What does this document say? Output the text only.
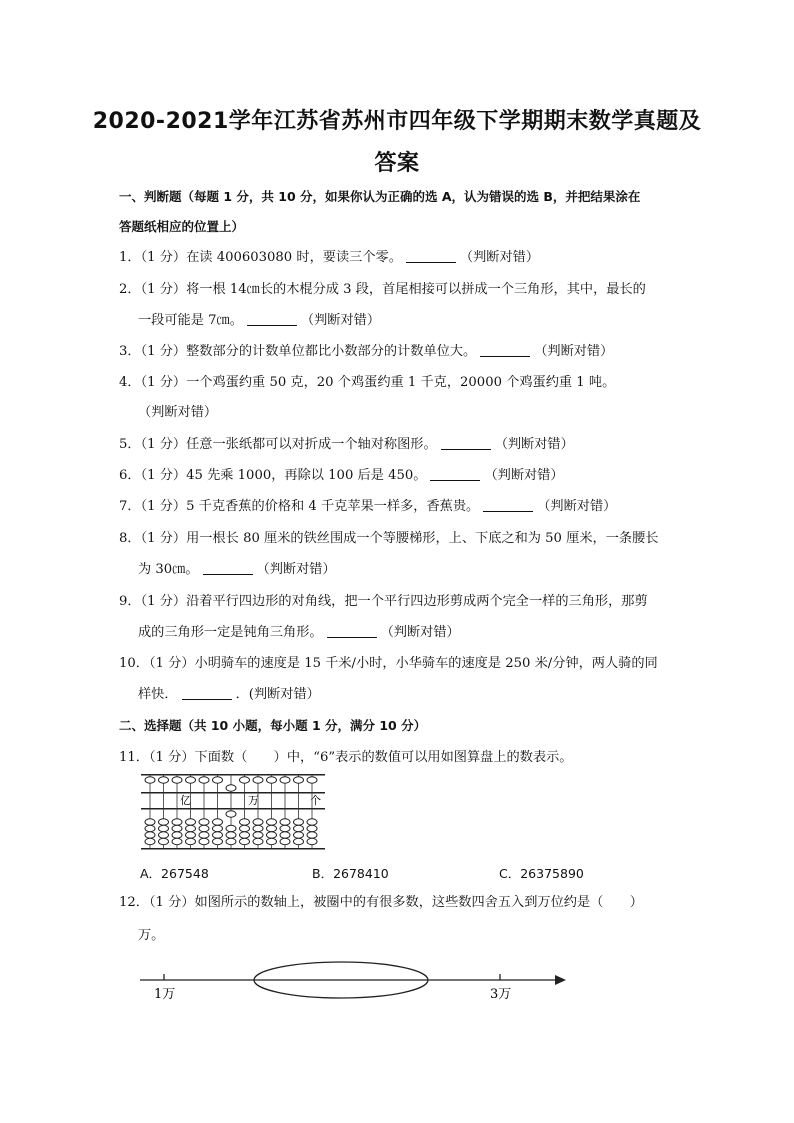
2020-2021学年江苏省苏州市四年级下学期期末数学真题及
答案
一、判断题（每题 1 分，共 10 分，如果你认为正确的选 A，认为错误的选 B，并把结果涂在
答题纸相应的位置上）
1．（1 分）在读 400603080 时，要读三个零。	（判断对错）
2．（1 分）将一根 14㎝长的木棍分成 3 段，首尾相接可以拼成一个三角形，其中，最长的
一段可能是 7㎝。	（判断对错）
3．（1 分）整数部分的计数单位都比小数部分的计数单位大。	（判断对错）
4．（1 分）一个鸡蛋约重 50 克，20 个鸡蛋约重 1 千克，20000 个鸡蛋约重 1 吨。
（判断对错）
5．（1 分）任意一张纸都可以对折成一个轴对称图形。	（判断对错）
6．（1 分）45 先乘 1000，再除以 100 后是 450。	（判断对错）
7．（1 分）5 千克香蕉的价格和 4 千克苹果一样多，香蕉贵。	（判断对错）
8．（1 分）用一根长 80 厘米的铁丝围成一个等腰梯形，上、下底之和为 50 厘米，一条腰长
为 30㎝。	（判断对错）
9．（1 分）沿着平行四边形的对角线，把一个平行四边形剪成两个完全一样的三角形，那剪
成的三角形一定是钝角三角形。	（判断对错）
10．（1 分）小明骑车的速度是 15 千米/小时，小华骑车的速度是 250 米/分钟，两人骑的同
样快．	．(判断对错）
二、选择题（共 10 小题，每小题 1 分，满分 10 分）
11．（1 分）下面数（　　）中，“6”表示的数值可以用如图算盘上的数表示。
亿	万	个
A．267548	B．2678410	C．26375890
12．（1 分）如图所示的数轴上，被圈中的有很多数，这些数四舍五入到万位约是（　　）
万。
1万	3万
